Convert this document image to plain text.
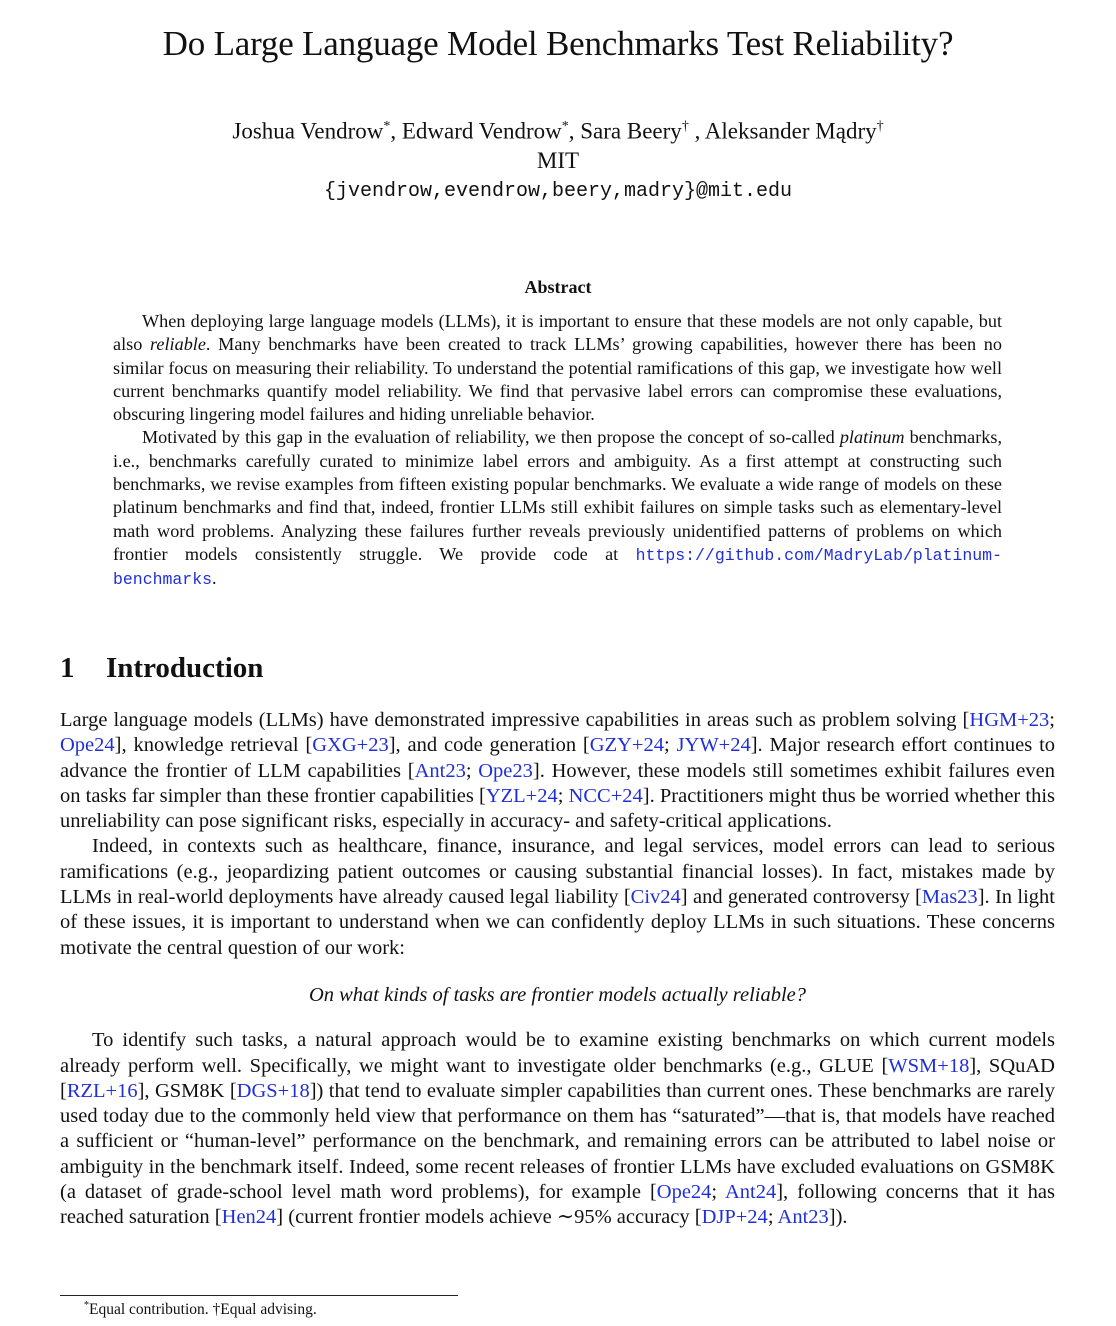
Do Large Language Model Benchmarks Test Reliability?
Joshua Vendrow*, Edward Vendrow*, Sara Beery† , Aleksander Mądry†
MIT
{jvendrow,evendrow,beery,madry}@mit.edu
Abstract

When deploying large language models (LLMs), it is important to ensure that these models are not only capable, but also reliable. Many benchmarks have been created to track LLMs’ growing capabilities, however there has been no similar focus on measuring their reliability. To understand the potential ramifications of this gap, we investigate how well current benchmarks quantify model reliability. We find that pervasive label errors can compromise these evaluations, obscuring lingering model failures and hiding unreliable behavior.

Motivated by this gap in the evaluation of reliability, we then propose the concept of so-called platinum benchmarks, i.e., benchmarks carefully curated to minimize label errors and ambiguity. As a first attempt at constructing such benchmarks, we revise examples from fifteen existing popular benchmarks. We evaluate a wide range of models on these platinum benchmarks and find that, indeed, frontier LLMs still exhibit failures on simple tasks such as elementary-level math word problems. Analyzing these failures further reveals previously unidentified patterns of problems on which frontier models consistently struggle. We provide code at https://github.com/MadryLab/platinum-benchmarks.

1 Introduction

Large language models (LLMs) have demonstrated impressive capabilities in areas such as problem solving [HGM+23; Ope24], knowledge retrieval [GXG+23], and code generation [GZY+24; JYW+24]. Major research effort continues to advance the frontier of LLM capabilities [Ant23; Ope23]. However, these models still sometimes exhibit failures even on tasks far simpler than these frontier capabilities [YZL+24; NCC+24]. Practitioners might thus be worried whether this unreliability can pose significant risks, especially in accuracy- and safety-critical applications.

Indeed, in contexts such as healthcare, finance, insurance, and legal services, model errors can lead to serious ramifications (e.g., jeopardizing patient outcomes or causing substantial financial losses). In fact, mistakes made by LLMs in real-world deployments have already caused legal liability [Civ24] and generated controversy [Mas23]. In light of these issues, it is important to understand when we can confidently deploy LLMs in such situations. These concerns motivate the central question of our work:

On what kinds of tasks are frontier models actually reliable?

To identify such tasks, a natural approach would be to examine existing benchmarks on which current models already perform well. Specifically, we might want to investigate older benchmarks (e.g., GLUE [WSM+18], SQuAD [RZL+16], GSM8K [DGS+18]) that tend to evaluate simpler capabilities than current ones. These benchmarks are rarely used today due to the commonly held view that performance on them has “saturated”—that is, that models have reached a sufficient or “human-level” performance on the benchmark, and remaining errors can be attributed to label noise or ambiguity in the benchmark itself. Indeed, some recent releases of frontier LLMs have excluded evaluations on GSM8K (a dataset of grade-school level math word problems), for example [Ope24; Ant24], following concerns that it has reached saturation [Hen24] (current frontier models achieve ∼95% accuracy [DJP+24; Ant23]).

*Equal contribution. †Equal advising.
